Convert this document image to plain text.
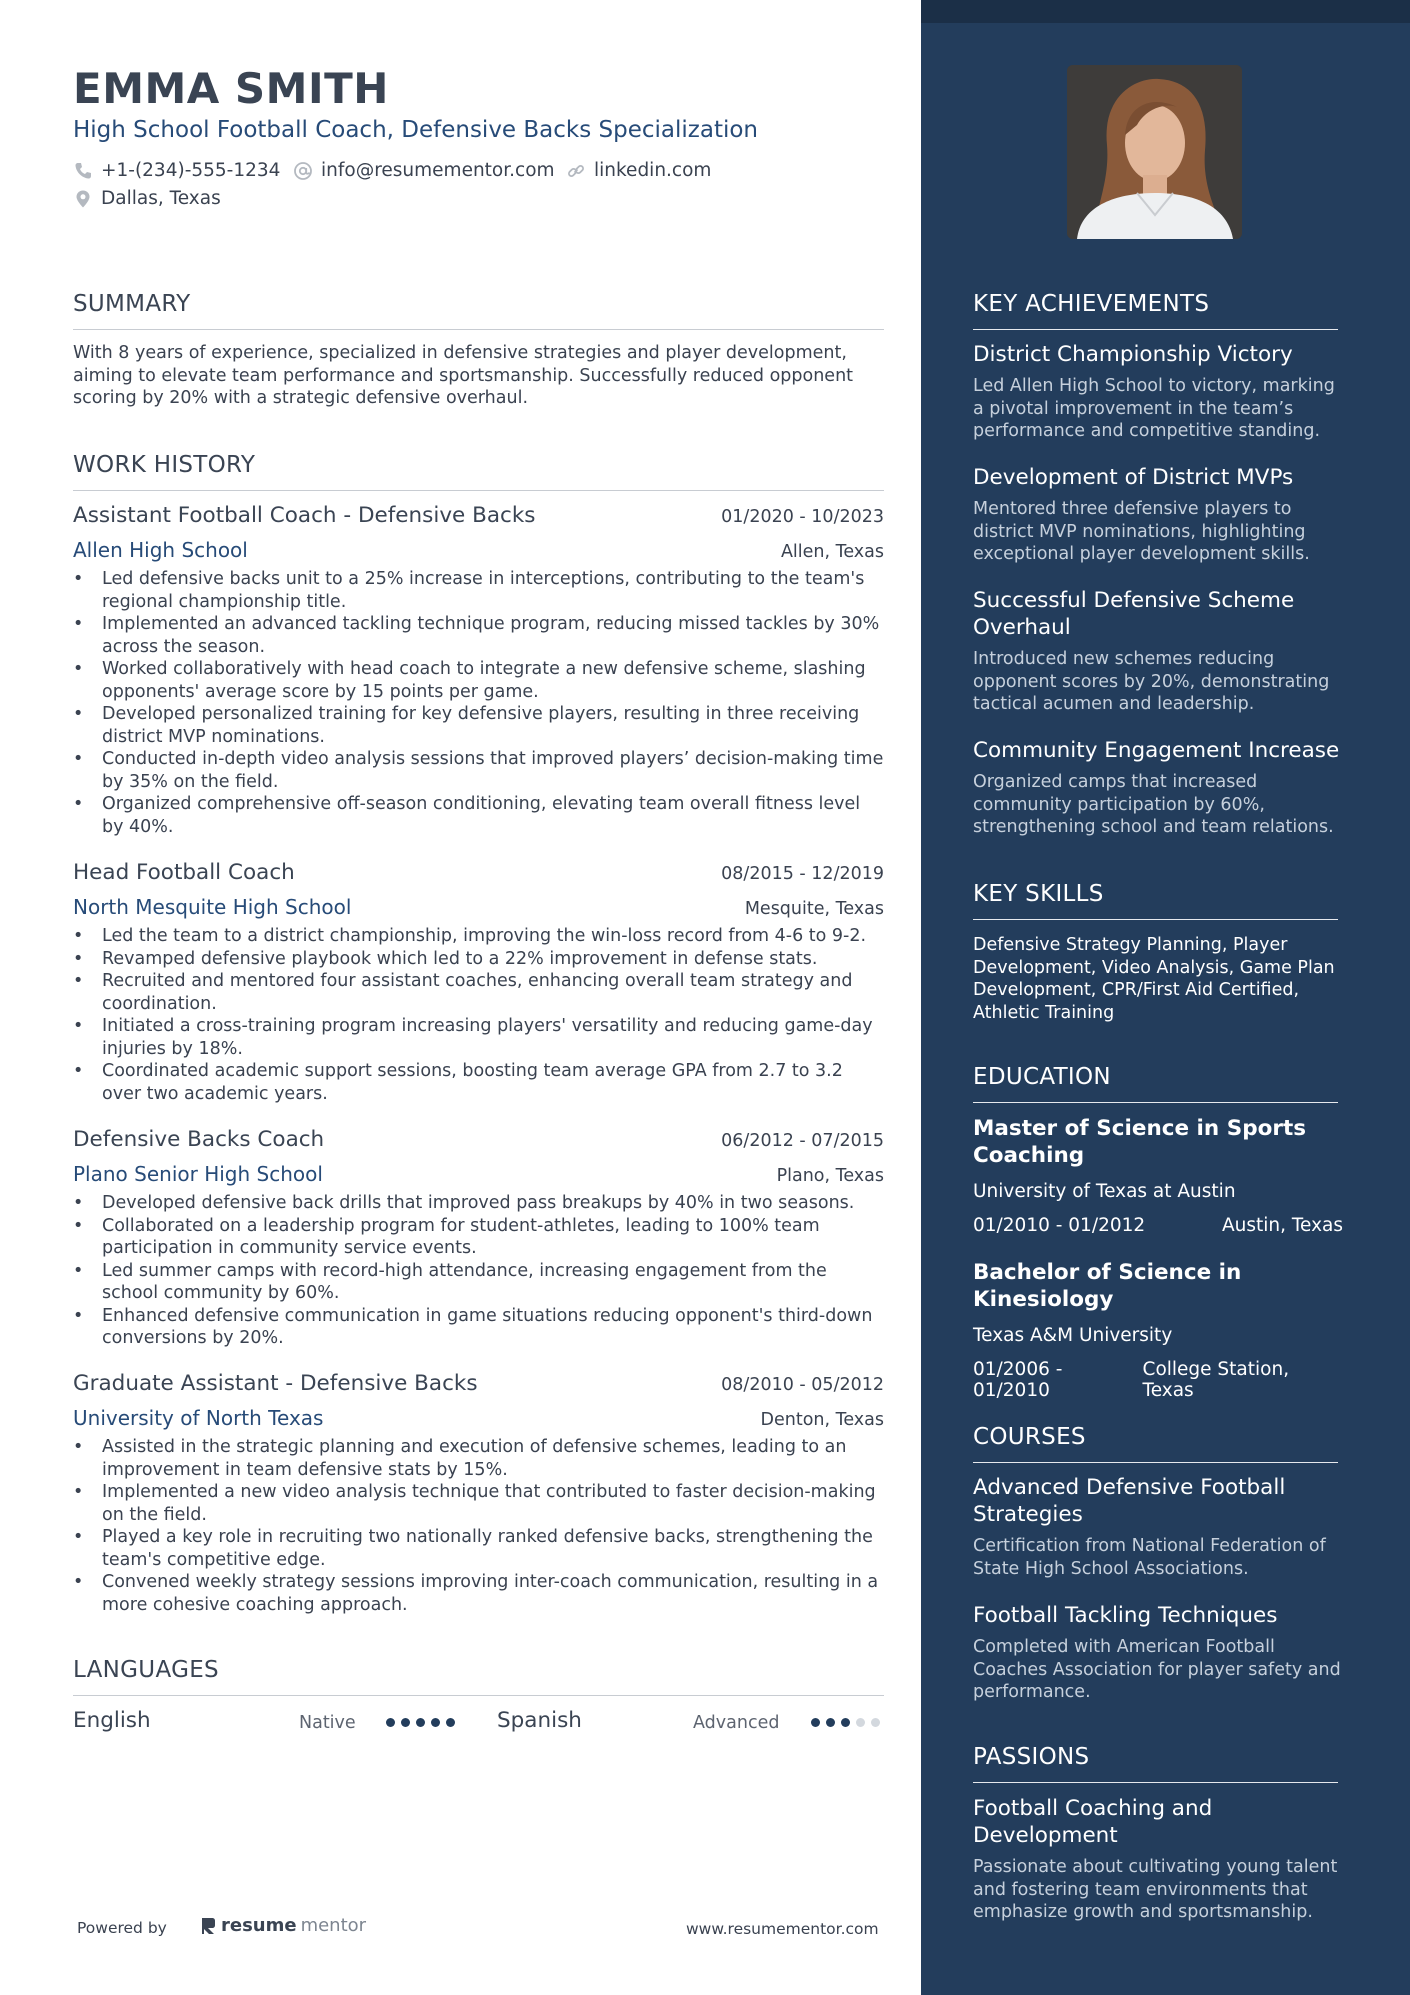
EMMA SMITH
High School Football Coach, Defensive Backs Specialization
+1-(234)-555-1234 info@resumementor.com linkedin.com
Dallas, Texas
SUMMARY
With 8 years of experience, specialized in defensive strategies and player development, aiming to elevate team performance and sportsmanship. Successfully reduced opponent scoring by 20% with a strategic defensive overhaul.
WORK HISTORY
Assistant Football Coach - Defensive Backs	01/2020 - 10/2023
Allen High School	Allen, Texas
• Led defensive backs unit to a 25% increase in interceptions, contributing to the team's regional championship title.
• Implemented an advanced tackling technique program, reducing missed tackles by 30% across the season.
• Worked collaboratively with head coach to integrate a new defensive scheme, slashing opponents' average score by 15 points per game.
• Developed personalized training for key defensive players, resulting in three receiving district MVP nominations.
• Conducted in-depth video analysis sessions that improved players’ decision-making time by 35% on the field.
• Organized comprehensive off-season conditioning, elevating team overall fitness level by 40%.
Head Football Coach	08/2015 - 12/2019
North Mesquite High School	Mesquite, Texas
• Led the team to a district championship, improving the win-loss record from 4-6 to 9-2.
• Revamped defensive playbook which led to a 22% improvement in defense stats.
• Recruited and mentored four assistant coaches, enhancing overall team strategy and coordination.
• Initiated a cross-training program increasing players' versatility and reducing game-day injuries by 18%.
• Coordinated academic support sessions, boosting team average GPA from 2.7 to 3.2 over two academic years.
Defensive Backs Coach	06/2012 - 07/2015
Plano Senior High School	Plano, Texas
• Developed defensive back drills that improved pass breakups by 40% in two seasons.
• Collaborated on a leadership program for student-athletes, leading to 100% team participation in community service events.
• Led summer camps with record-high attendance, increasing engagement from the school community by 60%.
• Enhanced defensive communication in game situations reducing opponent's third-down conversions by 20%.
Graduate Assistant - Defensive Backs	08/2010 - 05/2012
University of North Texas	Denton, Texas
• Assisted in the strategic planning and execution of defensive schemes, leading to an improvement in team defensive stats by 15%.
• Implemented a new video analysis technique that contributed to faster decision-making on the field.
• Played a key role in recruiting two nationally ranked defensive backs, strengthening the team's competitive edge.
• Convened weekly strategy sessions improving inter-coach communication, resulting in a more cohesive coaching approach.
LANGUAGES
English	Native	Spanish	Advanced
Powered by	resume mentor	www.resumementor.com
KEY ACHIEVEMENTS
District Championship Victory
Led Allen High School to victory, marking a pivotal improvement in the team’s performance and competitive standing.
Development of District MVPs
Mentored three defensive players to district MVP nominations, highlighting exceptional player development skills.
Successful Defensive Scheme Overhaul
Introduced new schemes reducing opponent scores by 20%, demonstrating tactical acumen and leadership.
Community Engagement Increase
Organized camps that increased community participation by 60%, strengthening school and team relations.
KEY SKILLS
Defensive Strategy Planning, Player Development, Video Analysis, Game Plan Development, CPR/First Aid Certified, Athletic Training
EDUCATION
Master of Science in Sports Coaching
University of Texas at Austin
01/2010 - 01/2012	Austin, Texas
Bachelor of Science in Kinesiology
Texas A&M University
01/2006 - 01/2010
College Station, Texas
COURSES
Advanced Defensive Football Strategies
Certification from National Federation of State High School Associations.
Football Tackling Techniques
Completed with American Football Coaches Association for player safety and performance.
PASSIONS
Football Coaching and Development
Passionate about cultivating young talent and fostering team environments that emphasize growth and sportsmanship.
